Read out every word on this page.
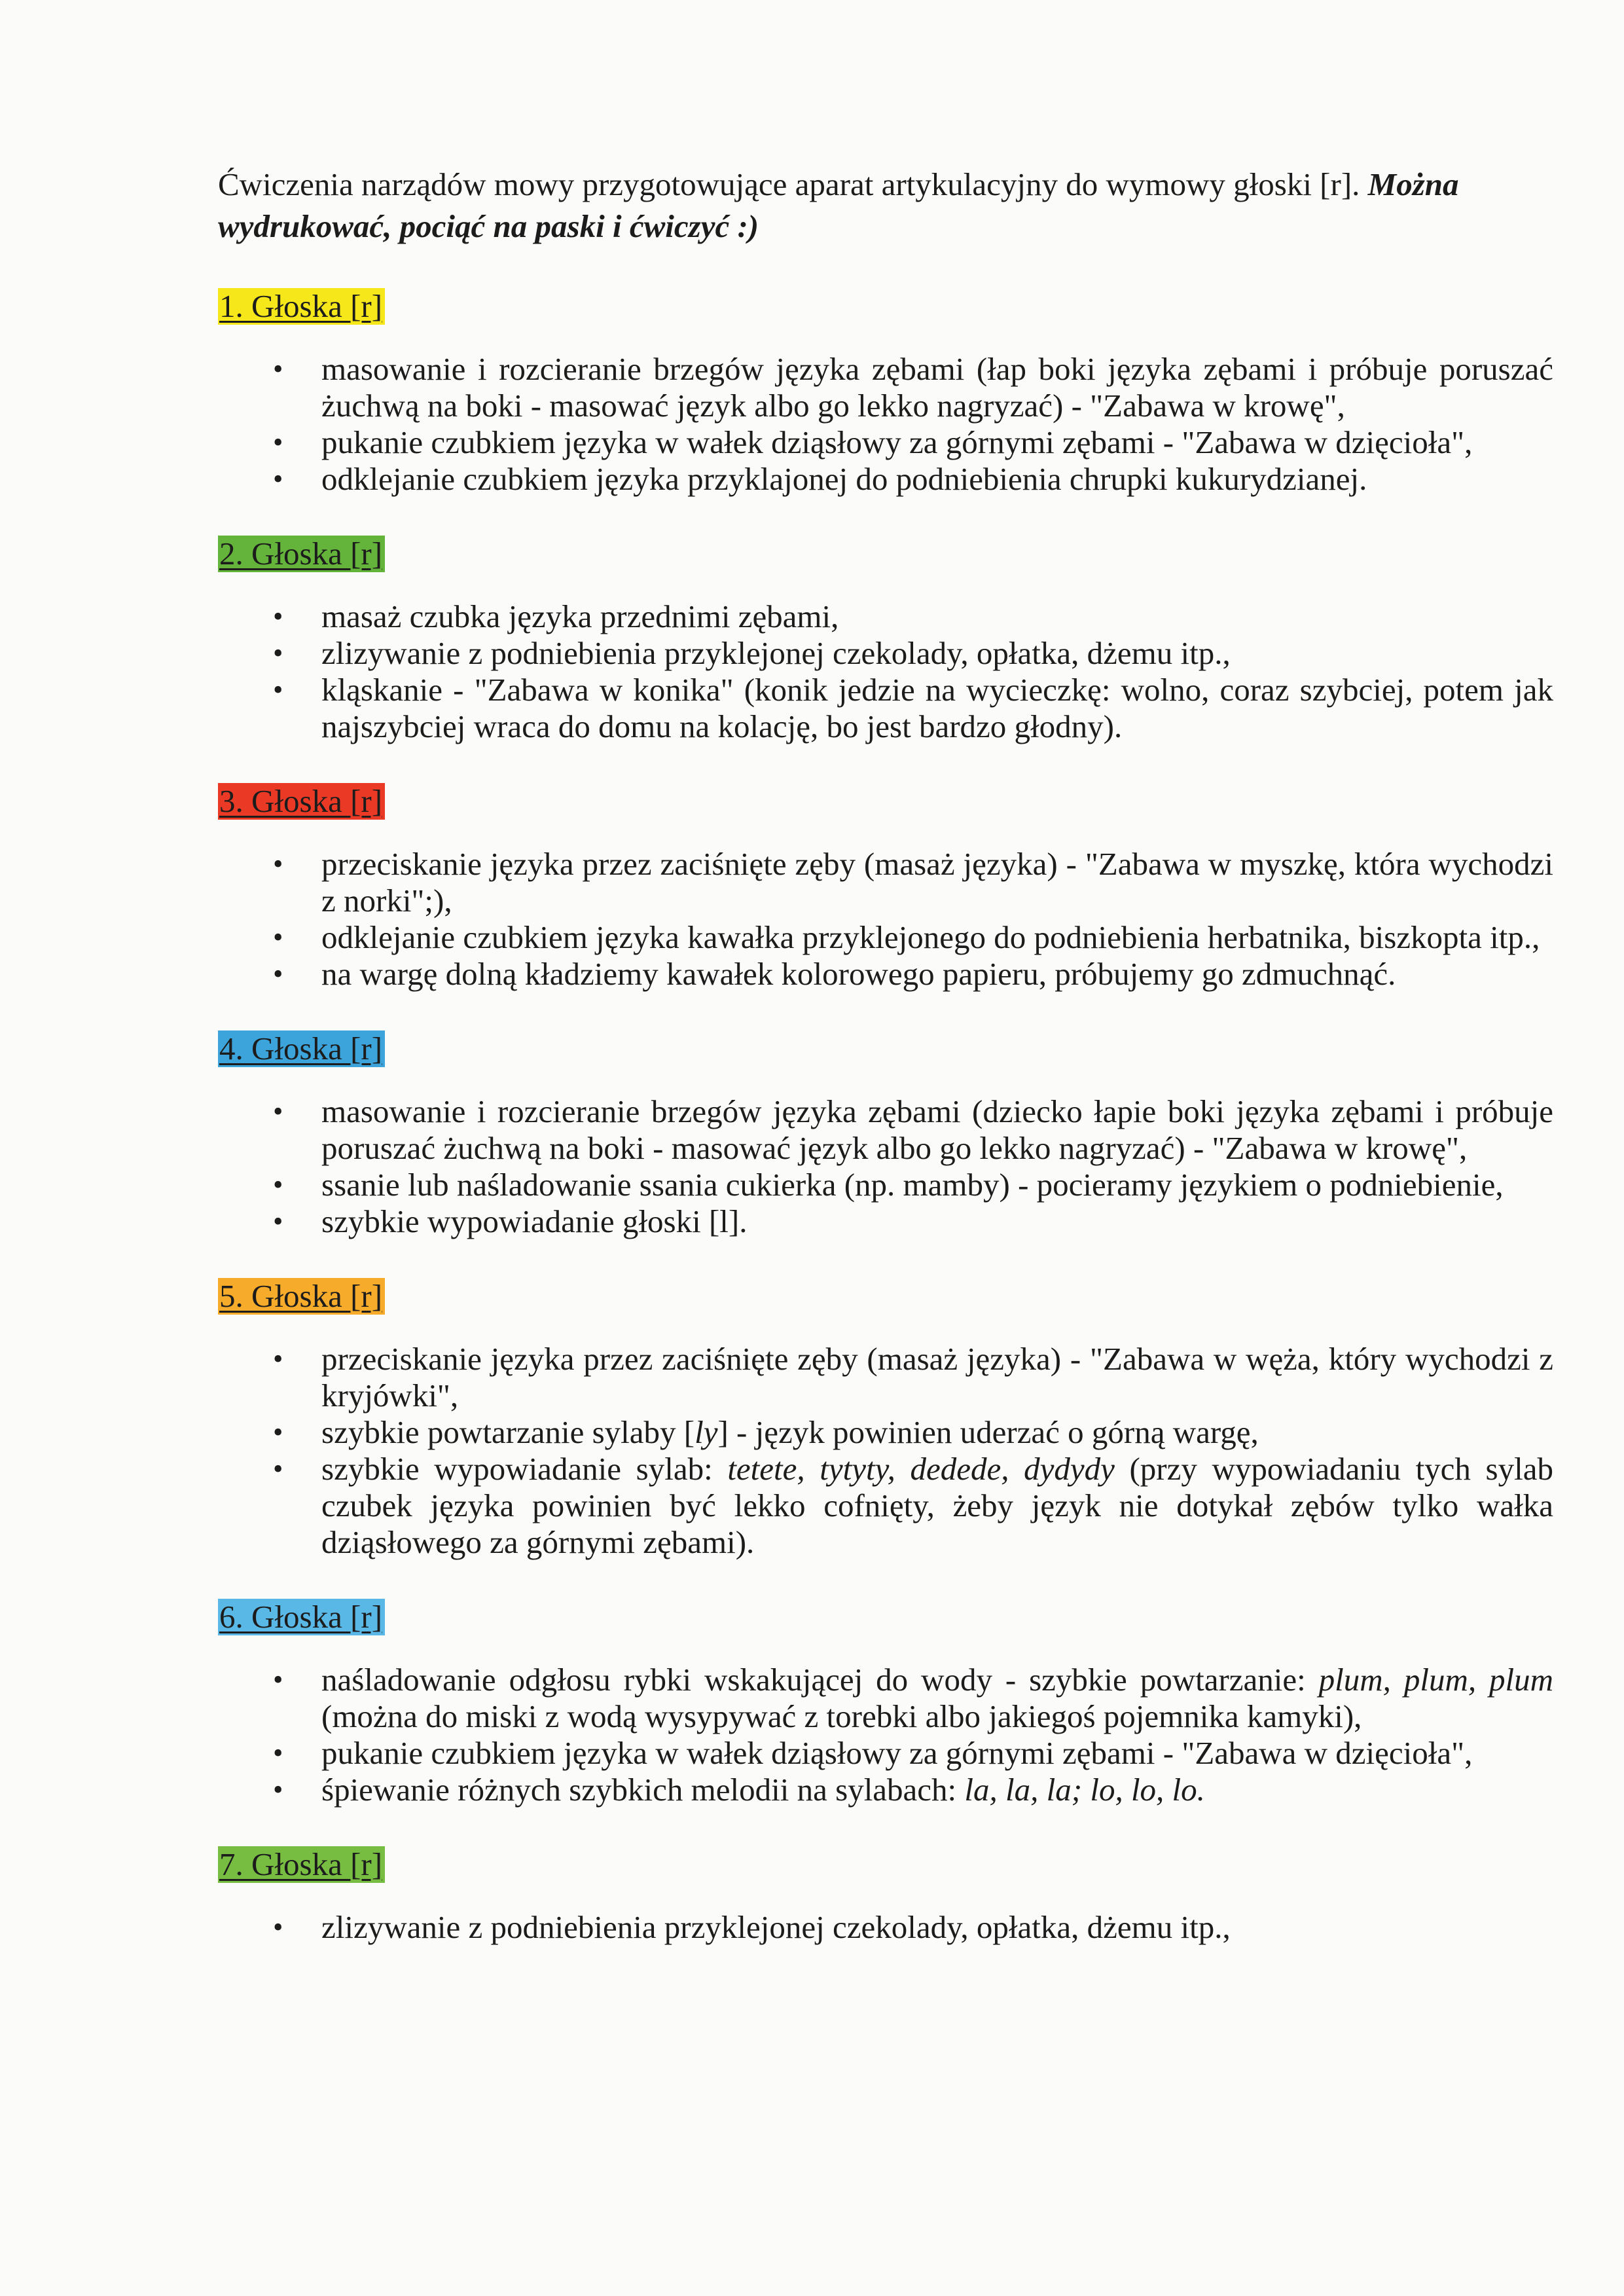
Ćwiczenia narządów mowy przygotowujące aparat artykulacyjny do wymowy głoski [r]. Można wydrukować, pociąć na paski i ćwiczyć :)

1. Głoska [r]
• masowanie i rozcieranie brzegów języka zębami (łap boki języka zębami i próbuje poruszać żuchwą na boki - masować język albo go lekko nagryzać) - "Zabawa w krowę",
• pukanie czubkiem języka w wałek dziąsłowy za górnymi zębami - "Zabawa w dzięcioła",
• odklejanie czubkiem języka przyklajonej do podniebienia chrupki kukurydzianej.
2. Głoska [r]
• masaż czubka języka przednimi zębami,
• zlizywanie z podniebienia przyklejonej czekolady, opłatka, dżemu itp.,
• kląskanie - "Zabawa w konika" (konik jedzie na wycieczkę: wolno, coraz szybciej, potem jak najszybciej wraca do domu na kolację, bo jest bardzo głodny).
3. Głoska [r]
• przeciskanie języka przez zaciśnięte zęby (masaż języka) - "Zabawa w myszkę, która wychodzi z norki";),
• odklejanie czubkiem języka kawałka przyklejonego do podniebienia herbatnika, biszkopta itp.,
• na wargę dolną kładziemy kawałek kolorowego papieru, próbujemy go zdmuchnąć.
4. Głoska [r]
• masowanie i rozcieranie brzegów języka zębami (dziecko łapie boki języka zębami i próbuje poruszać żuchwą na boki - masować język albo go lekko nagryzać) - "Zabawa w krowę",
• ssanie lub naśladowanie ssania cukierka (np. mamby) - pocieramy językiem o podniebienie,
• szybkie wypowiadanie głoski [l].
5. Głoska [r]
• przeciskanie języka przez zaciśnięte zęby (masaż języka) - "Zabawa w węża, który wychodzi z kryjówki",
• szybkie powtarzanie sylaby [ly] - język powinien uderzać o górną wargę,
• szybkie wypowiadanie sylab: tetete, tytyty, dedede, dydydy (przy wypowiadaniu tych sylab czubek języka powinien być lekko cofnięty, żeby język nie dotykał zębów tylko wałka dziąsłowego za górnymi zębami).
6. Głoska [r]
• naśladowanie odgłosu rybki wskakującej do wody - szybkie powtarzanie: plum, plum, plum (można do miski z wodą wysypywać z torebki albo jakiegoś pojemnika kamyki),
• pukanie czubkiem języka w wałek dziąsłowy za górnymi zębami - "Zabawa w dzięcioła",
• śpiewanie różnych szybkich melodii na sylabach: la, la, la; lo, lo, lo.
7. Głoska [r]
• zlizywanie z podniebienia przyklejonej czekolady, opłatka, dżemu itp.,
